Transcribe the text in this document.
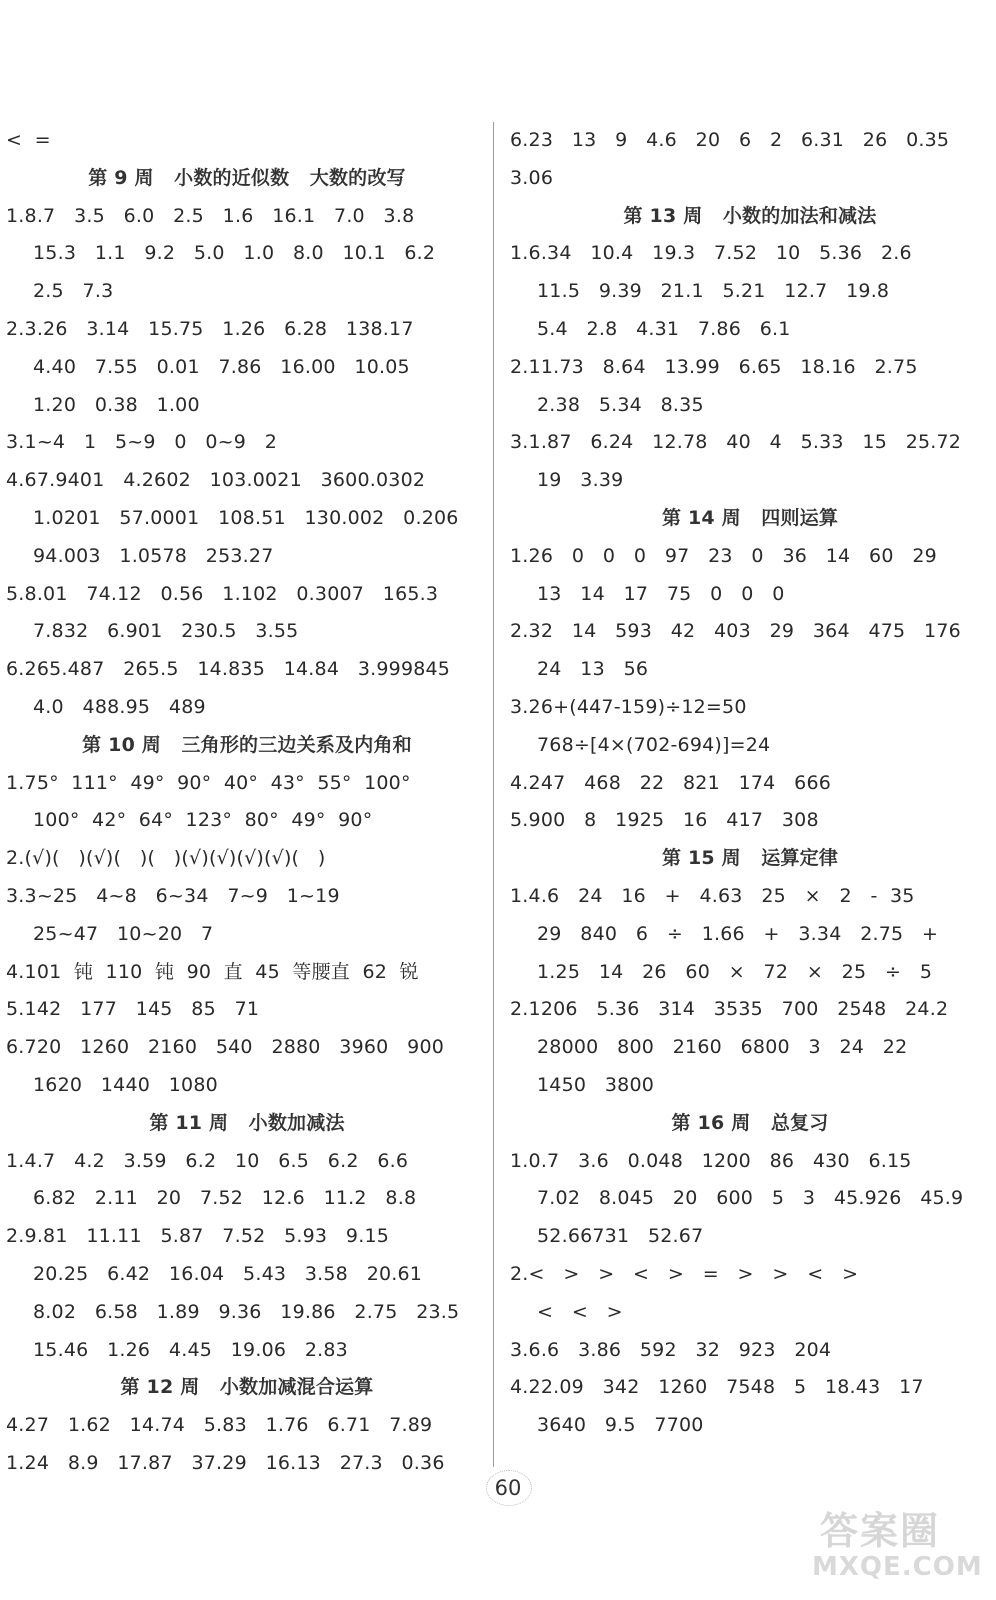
<  =
第 9 周   小数的近似数   大数的改写
1.8.7   3.5   6.0   2.5   1.6   16.1   7.0   3.8
15.3   1.1   9.2   5.0   1.0   8.0   10.1   6.2
2.5   7.3
2.3.26   3.14   15.75   1.26   6.28   138.17
4.40   7.55   0.01   7.86   16.00   10.05
1.20   0.38   1.00
3.1~4   1   5~9   0   0~9   2
4.67.9401   4.2602   103.0021   3600.0302
1.0201   57.0001   108.51   130.002   0.206
94.003   1.0578   253.27
5.8.01   74.12   0.56   1.102   0.3007   165.3
7.832   6.901   230.5   3.55
6.265.487   265.5   14.835   14.84   3.999845
4.0   488.95   489
第 10 周   三角形的三边关系及内角和
1.75°  111°  49°  90°  40°  43°  55°  100°
100°  42°  64°  123°  80°  49°  90°
2.(√)(   )(√)(   )(   )(√)(√)(√)(√)(   )
3.3~25   4~8   6~34   7~9   1~19
25~47   10~20   7
4.101  钝  110  钝  90  直  45  等腰直  62  锐
5.142   177   145   85   71
6.720   1260   2160   540   2880   3960   900
1620   1440   1080
第 11 周   小数加减法
1.4.7   4.2   3.59   6.2   10   6.5   6.2   6.6
6.82   2.11   20   7.52   12.6   11.2   8.8
2.9.81   11.11   5.87   7.52   5.93   9.15
20.25   6.42   16.04   5.43   3.58   20.61
8.02   6.58   1.89   9.36   19.86   2.75   23.5
15.46   1.26   4.45   19.06   2.83
第 12 周   小数加减混合运算
4.27   1.62   14.74   5.83   1.76   6.71   7.89
1.24   8.9   17.87   37.29   16.13   27.3   0.36
6.23   13   9   4.6   20   6   2   6.31   26   0.35
3.06
第 13 周   小数的加法和减法
1.6.34   10.4   19.3   7.52   10   5.36   2.6
11.5   9.39   21.1   5.21   12.7   19.8
5.4   2.8   4.31   7.86   6.1
2.11.73   8.64   13.99   6.65   18.16   2.75
2.38   5.34   8.35
3.1.87   6.24   12.78   40   4   5.33   15   25.72
19   3.39
第 14 周   四则运算
1.26   0   0   0   97   23   0   36   14   60   29
13   14   17   75   0   0   0
2.32   14   593   42   403   29   364   475   176
24   13   56
3.26+(447-159)÷12=50
768÷[4×(702-694)]=24
4.247   468   22   821   174   666
5.900   8   1925   16   417   308
第 15 周   运算定律
1.4.6   24   16   +   4.63   25   ×   2   -  35
29   840   6   ÷   1.66   +   3.34   2.75   +
1.25   14   26   60   ×   72   ×   25   ÷   5
2.1206   5.36   314   3535   700   2548   24.2
28000   800   2160   6800   3   24   22
1450   3800
第 16 周   总复习
1.0.7   3.6   0.048   1200   86   430   6.15
7.02   8.045   20   600   5   3   45.926   45.9
52.66731   52.67
2.<   >   >   <   >   =   >   >   <   >
<   <   >
3.6.6   3.86   592   32   923   204
4.22.09   342   1260   7548   5   18.43   17
3640   9.5   7700
60
答案圈
MXQE.COM
